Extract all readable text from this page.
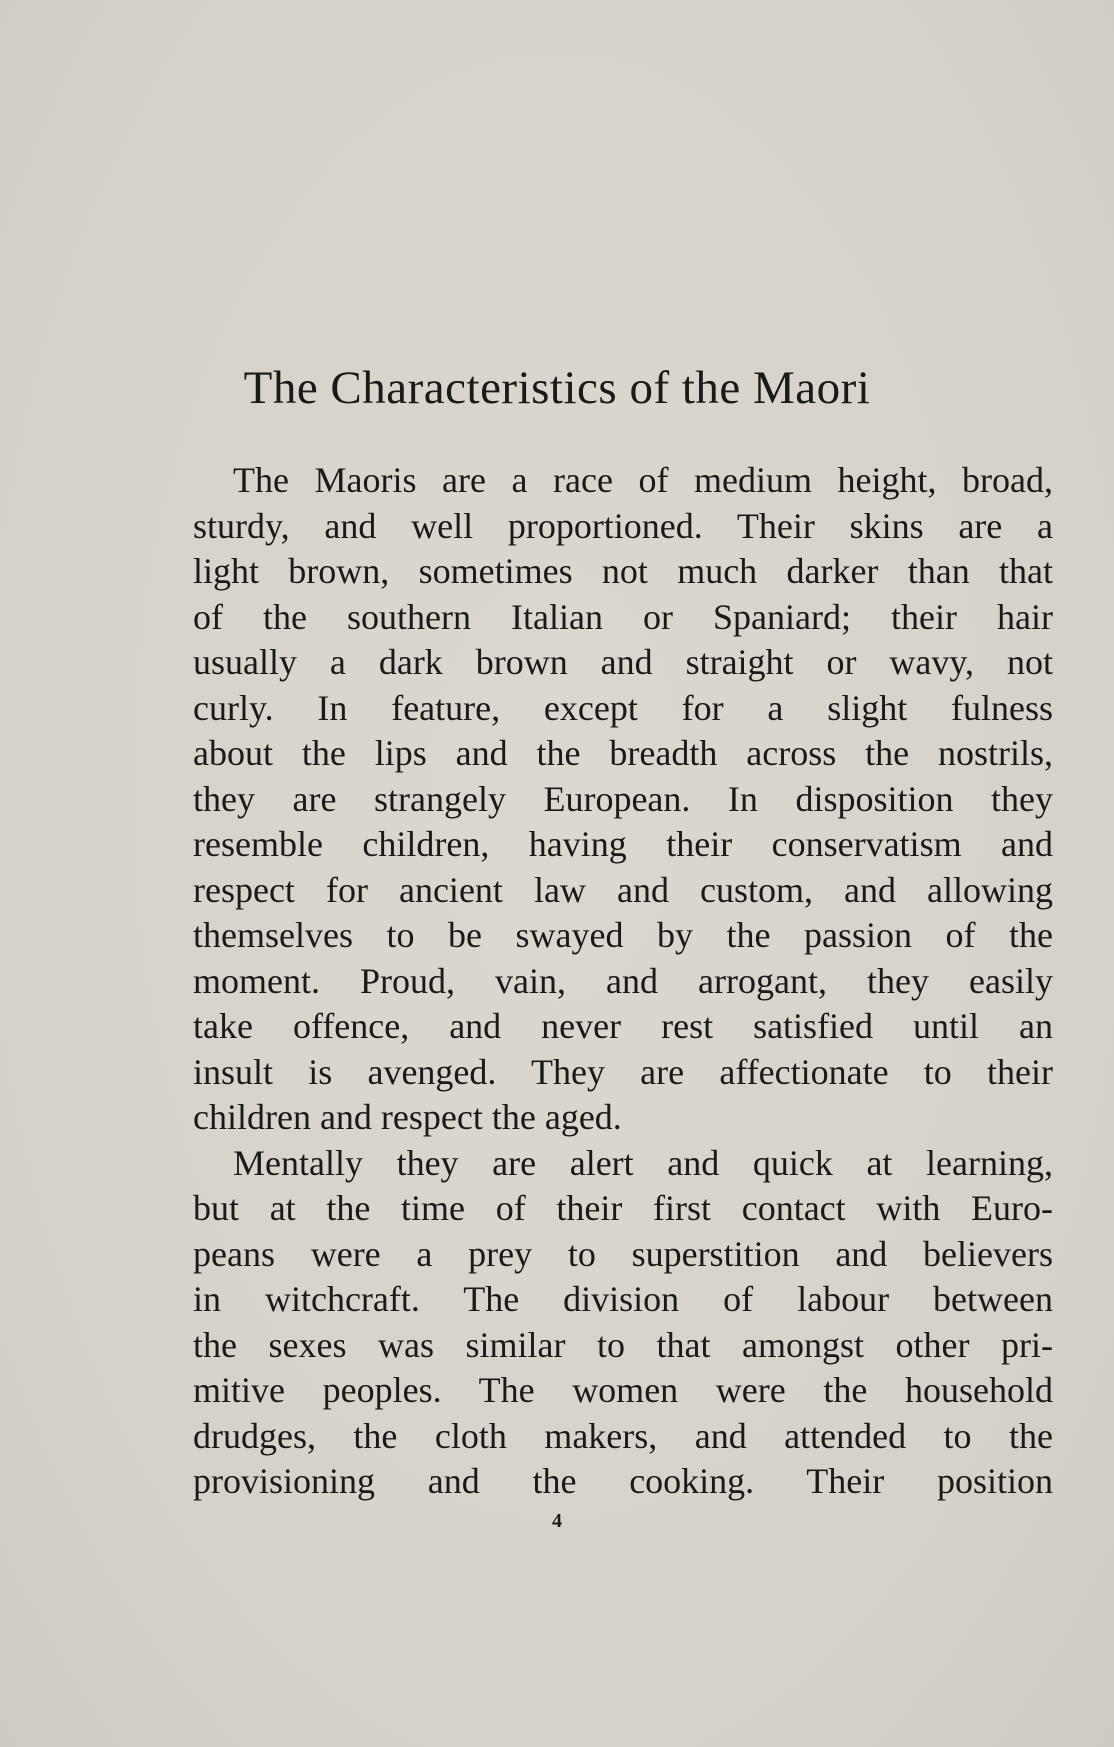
The Characteristics of the Maori
The Maoris are a race of medium height, broad,
sturdy, and well proportioned. Their skins are a
light brown, sometimes not much darker than that
of the southern Italian or Spaniard; their hair
usually a dark brown and straight or wavy, not
curly. In feature, except for a slight fulness
about the lips and the breadth across the nostrils,
they are strangely European. In disposition they
resemble children, having their conservatism and
respect for ancient law and custom, and allowing
themselves to be swayed by the passion of the
moment. Proud, vain, and arrogant, they easily
take offence, and never rest satisfied until an
insult is avenged. They are affectionate to their
children and respect the aged.
Mentally they are alert and quick at learning,
but at the time of their first contact with Euro-
peans were a prey to superstition and believers
in witchcraft. The division of labour between
the sexes was similar to that amongst other pri-
mitive peoples. The women were the household
drudges, the cloth makers, and attended to the
provisioning and the cooking. Their position
4
